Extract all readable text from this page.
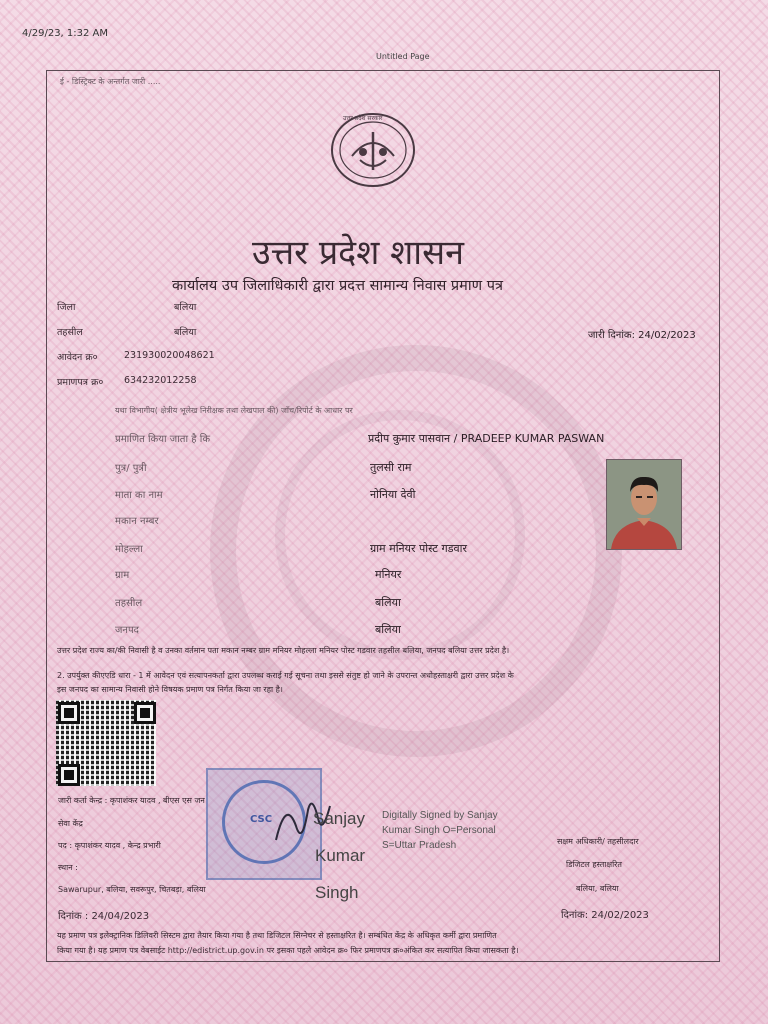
4/29/23, 1:32 AM
Untitled Page
ई - डिस्ट्रिक्ट के अन्तर्गत जारी .....
उत्तर प्रदेश सरकार
उत्तर प्रदेश शासन
कार्यालय उप जिलाधिकारी द्वारा प्रदत्त सामान्य निवास प्रमाण पत्र
जिला	बलिया
तहसील	बलिया	जारी दिनांक: 24/02/2023
आवेदन क्र०	231930020048621
प्रमाणपत्र क्र० 634232012258
यथा विभागीय( क्षेत्रीय भूलेख निरीक्षक तथा लेखपाल की) जाँच/रिपोर्ट के आधार पर
प्रमाणित किया जाता है कि	प्रदीप कुमार पासवान / PRADEEP KUMAR PASWAN
पुत्र/ पुत्री	तुलसी राम
माता का नाम	नोनिया देवी
मकान नम्बर
मोहल्ला	ग्राम मनियर पोस्ट गडवार
ग्राम	मनियर
तहसील	बलिया
जनपद	बलिया
उत्तर प्रदेश राज्य का/की निवासी है व उनका वर्तमान पता मकान नम्बर ग्राम मनियर मोहल्ला मनियर पोस्ट गडवार तहसील बलिया, जनपद बलिया उत्तर प्रदेश है।
2. उपर्युक्त कीएएडि धारा - 1 में आवेदन एवं सत्यापनकर्ता द्वारा उपलब्ध कराई गई सूचना तथा इससे संतुष्ट हो जाने के उपरान्त अधोहस्ताक्षरी द्वारा उत्तर प्रदेश के
इस जनपद का सामान्य निवासी होने विषयक प्रमाण पत्र निर्गत किया जा रहा है।
CSC
जारी कर्ता केन्द्र : कृपाशंकर यादव , बीएस एस जन
सेवा केंद्र
पद : कृपाशंकर यादव , केन्द्र प्रभारी
स्थान :
Sawarupur, बलिया, सवरूपुर, चितबड़ा, बलिया
दिनांक : 24/04/2023
Sanjay
Kumar
Singh
Digitally Signed by Sanjay
Kumar Singh O=Personal
S=Uttar Pradesh	सक्षम अधिकारी/ तहसीलदार
डिजिटल हस्ताक्षरित
बलिया, बलिया
दिनांक: 24/02/2023
यह प्रमाण पत्र इलेक्ट्रानिक डिलिवरी सिस्टम द्वारा तैयार किया गया है तथा डिजिटल सिग्नेचर से हस्ताक्षरित है। सम्बंधित केंद्र के अधिकृत कर्मी द्वारा प्रमाणित
किया गया है। यह प्रमाण पत्र वेबसाईट http://edistrict.up.gov.in पर इसका पहले आवेदन क्र० फिर प्रमाणपत्र क्र०अंकित कर सत्यापित किया जासकता है।
